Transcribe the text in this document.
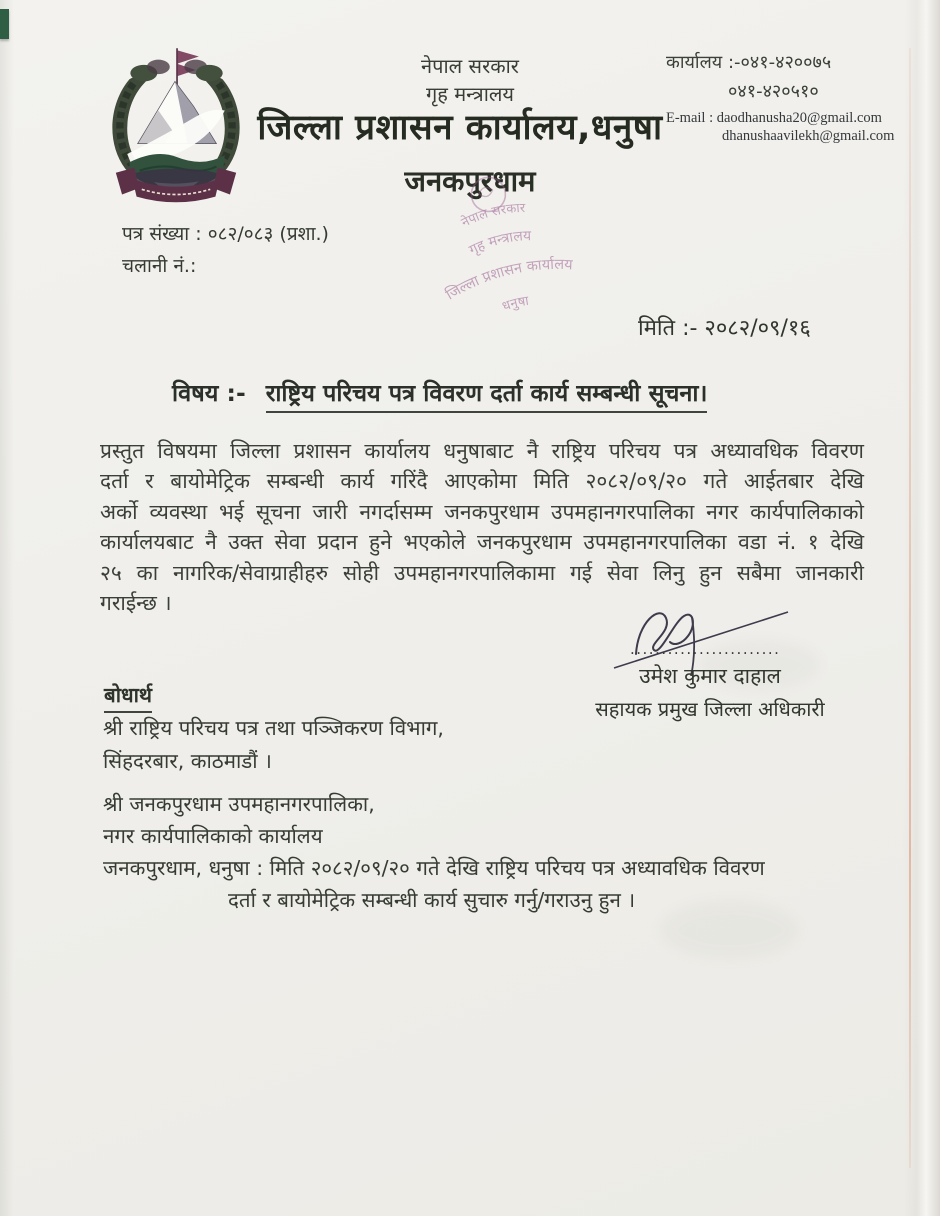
नेपाल सरकार
गृह मन्त्रालय
जिल्ला प्रशासन कार्यालय,धनुषा
जनकपुरधाम
कार्यालय :-०४१-४२००७५
०४१-४२०५१०
E-mail : daodhanusha20@gmail.com
dhanushaavilekh@gmail.com
नेपाल सरकार
गृह मन्त्रालय
जिल्ला प्रशासन कार्यालय
धनुषा
पत्र संख्या : ०८२/०८३ (प्रशा.)
चलानी नं.:
मिति :- २०८२/०९/१६
विषय :- राष्ट्रिय परिचय पत्र विवरण दर्ता कार्य सम्बन्धी सूचना।
प्रस्तुत विषयमा जिल्ला प्रशासन कार्यालय धनुषाबाट नै राष्ट्रिय परिचय पत्र अध्यावधिक विवरण
दर्ता र बायोमेट्रिक सम्बन्धी कार्य गरिंदै आएकोमा मिति २०८२/०९/२० गते आईतबार देखि
अर्को व्यवस्था भई सूचना जारी नगर्दासम्म जनकपुरधाम उपमहानगरपालिका नगर कार्यपालिकाको
कार्यालयबाट नै उक्त सेवा प्रदान हुने भएकोले जनकपुरधाम उपमहानगरपालिका वडा नं. १ देखि
२५ का नागरिक/सेवाग्राहीहरु सोही उपमहानगरपालिकामा गई सेवा लिनु हुन सबैमा जानकारी
गराईन्छ ।
........................
उमेश कुमार दाहाल
सहायक प्रमुख जिल्ला अधिकारी
बोधार्थ
श्री राष्ट्रिय परिचय पत्र तथा पञ्जिकरण विभाग,
सिंहदरबार, काठमाडौं ।
श्री जनकपुरधाम उपमहानगरपालिका,
नगर कार्यपालिकाको कार्यालय
जनकपुरधाम, धनुषा : मिति २०८२/०९/२० गते देखि राष्ट्रिय परिचय पत्र अध्यावधिक विवरण
दर्ता र बायोमेट्रिक सम्बन्धी कार्य सुचारु गर्नु/गराउनु हुन ।
